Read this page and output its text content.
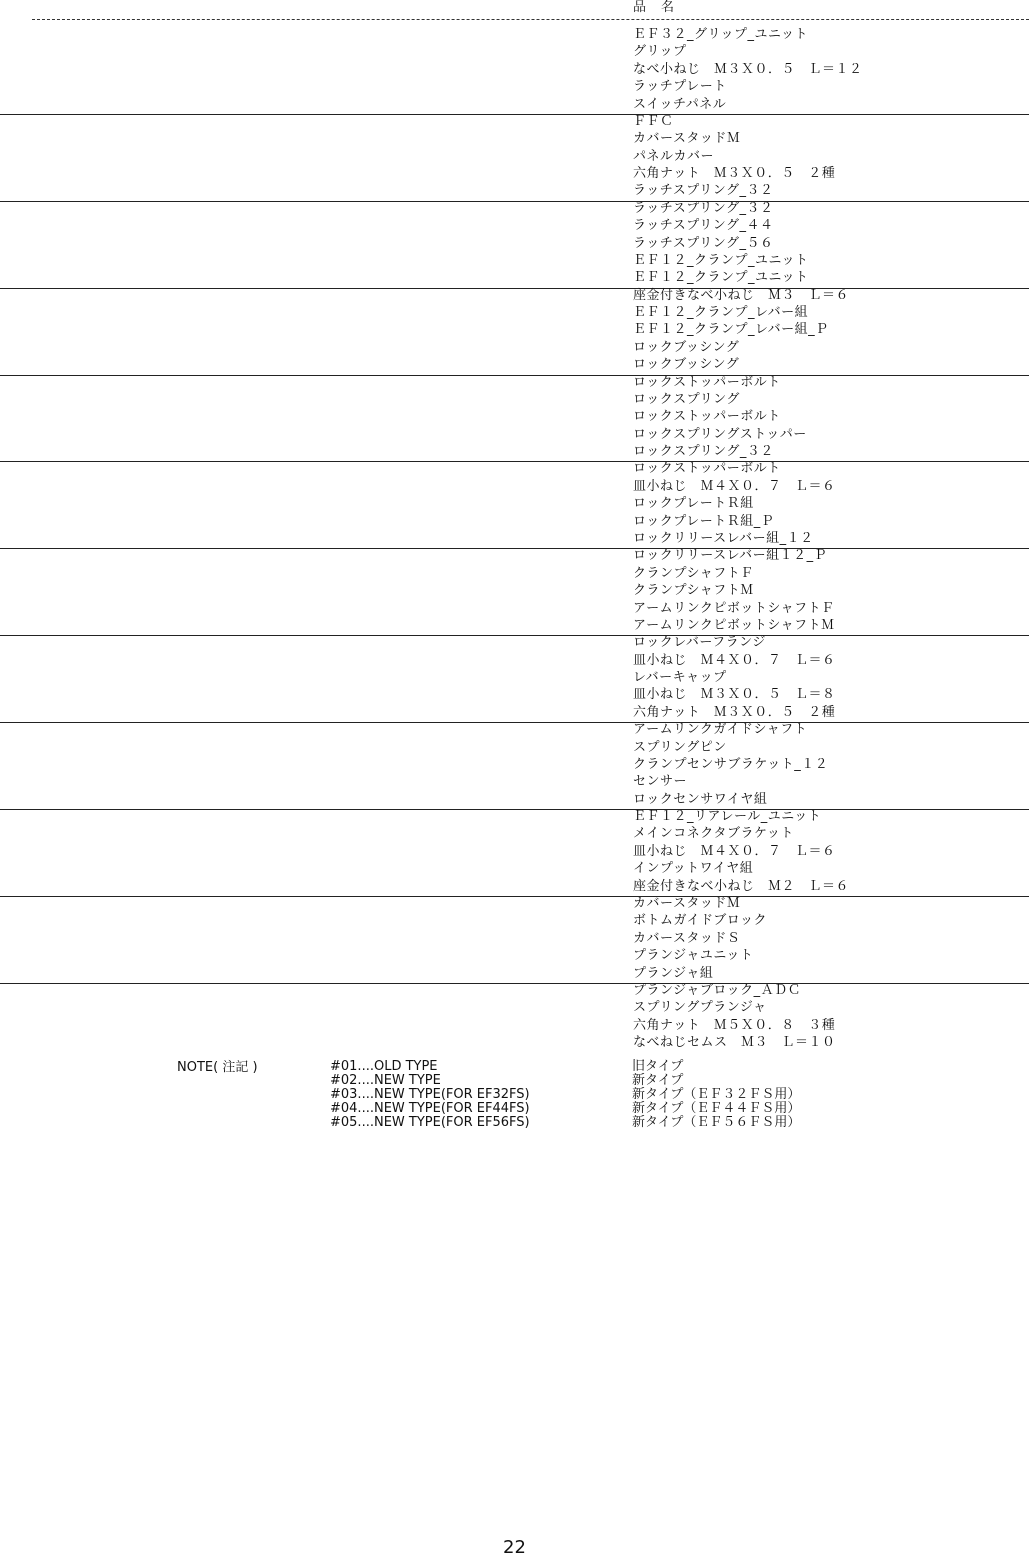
品　名
ＥＦ３２_グリップ_ユニット
グリップ
なべ小ねじ　Ｍ３Ｘ０．５　Ｌ＝１２
ラッチプレート
スイッチパネル
ＦＦＣ
カバースタッドＭ
パネルカバー
六角ナット　Ｍ３Ｘ０．５　２種
ラッチスプリング_３２
ラッチスプリング_３２
ラッチスプリング_４４
ラッチスプリング_５６
ＥＦ１２_クランプ_ユニット
ＥＦ１２_クランプ_ユニット
座金付きなべ小ねじ　Ｍ３　Ｌ＝６
ＥＦ１２_クランプ_レバー組
ＥＦ１２_クランプ_レバー組_Ｐ
ロックブッシング
ロックブッシング
ロックストッパーボルト
ロックスプリング
ロックストッパーボルト
ロックスプリングストッパー
ロックスプリング_３２
ロックストッパーボルト
皿小ねじ　Ｍ４Ｘ０．７　Ｌ＝６
ロックプレートＲ組
ロックプレートＲ組_Ｐ
ロックリリースレバー組_１２
ロックリリースレバー組１２_Ｐ
クランプシャフトＦ
クランプシャフトＭ
アームリンクピボットシャフトＦ
アームリンクピボットシャフトＭ
ロックレバーフランジ
皿小ねじ　Ｍ４Ｘ０．７　Ｌ＝６
レバーキャップ
皿小ねじ　Ｍ３Ｘ０．５　Ｌ＝８
六角ナット　Ｍ３Ｘ０．５　２種
アームリンクガイドシャフト
スプリングピン
クランプセンサブラケット_１２
センサー
ロックセンサワイヤ組
ＥＦ１２_リアレール_ユニット
メインコネクタブラケット
皿小ねじ　Ｍ４Ｘ０．７　Ｌ＝６
インプットワイヤ組
座金付きなべ小ねじ　Ｍ２　Ｌ＝６
カバースタッドＭ
ボトムガイドブロック
カバースタッドＳ
プランジャユニット
プランジャ組
プランジャブロック_ＡＤＣ
スプリングプランジャ
六角ナット　Ｍ５Ｘ０．８　３種
なべねじセムス　Ｍ３　Ｌ＝１０
NOTE( 注記 )	#01....OLD TYPE
#02....NEW TYPE
#03....NEW TYPE(FOR EF32FS)
#04....NEW TYPE(FOR EF44FS)
#05....NEW TYPE(FOR EF56FS)
旧タイプ
新タイプ
新タイプ（ＥＦ３２ＦＳ用）
新タイプ（ＥＦ４４ＦＳ用）
新タイプ（ＥＦ５６ＦＳ用）
22
